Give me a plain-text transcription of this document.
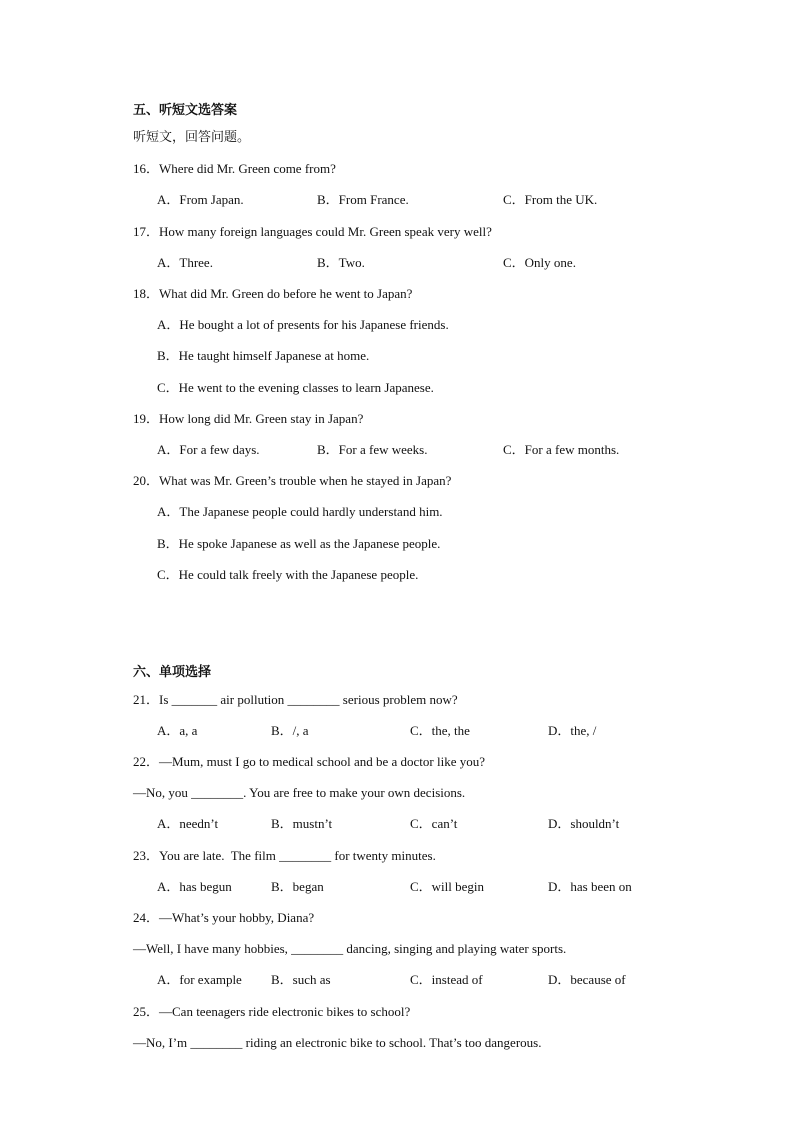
五、听短文选答案
听短文，回答问题。
16．Where did Mr. Green come from?
A．From Japan.	B．From France.	C．From the UK.
17．How many foreign languages could Mr. Green speak very well?
A．Three.	B．Two.	C．Only one.
18．What did Mr. Green do before he went to Japan?
A．He bought a lot of presents for his Japanese friends.
B．He taught himself Japanese at home.
C．He went to the evening classes to learn Japanese.
19．How long did Mr. Green stay in Japan?
A．For a few days.	B．For a few weeks.	C．For a few months.
20．What was Mr. Green’s trouble when he stayed in Japan?
A．The Japanese people could hardly understand him.
B．He spoke Japanese as well as the Japanese people.
C．He could talk freely with the Japanese people.
六、单项选择
21．Is _______ air pollution ________ serious problem now?
A．a, a	B．/, a	C．the, the	D．the, /
22．—Mum, must I go to medical school and be a doctor like you?
—No, you ________. You are free to make your own decisions.
A．needn’t	B．mustn’t	C．can’t	D．shouldn’t
23．You are late.  The film ________ for twenty minutes.
A．has begun	B．began	C．will begin	D．has been on
24．—What’s your hobby, Diana?
—Well, I have many hobbies, ________ dancing, singing and playing water sports.
A．for example B．such as	C．instead of	D．because of
25．—Can teenagers ride electronic bikes to school?
—No, I’m ________ riding an electronic bike to school. That’s too dangerous.
